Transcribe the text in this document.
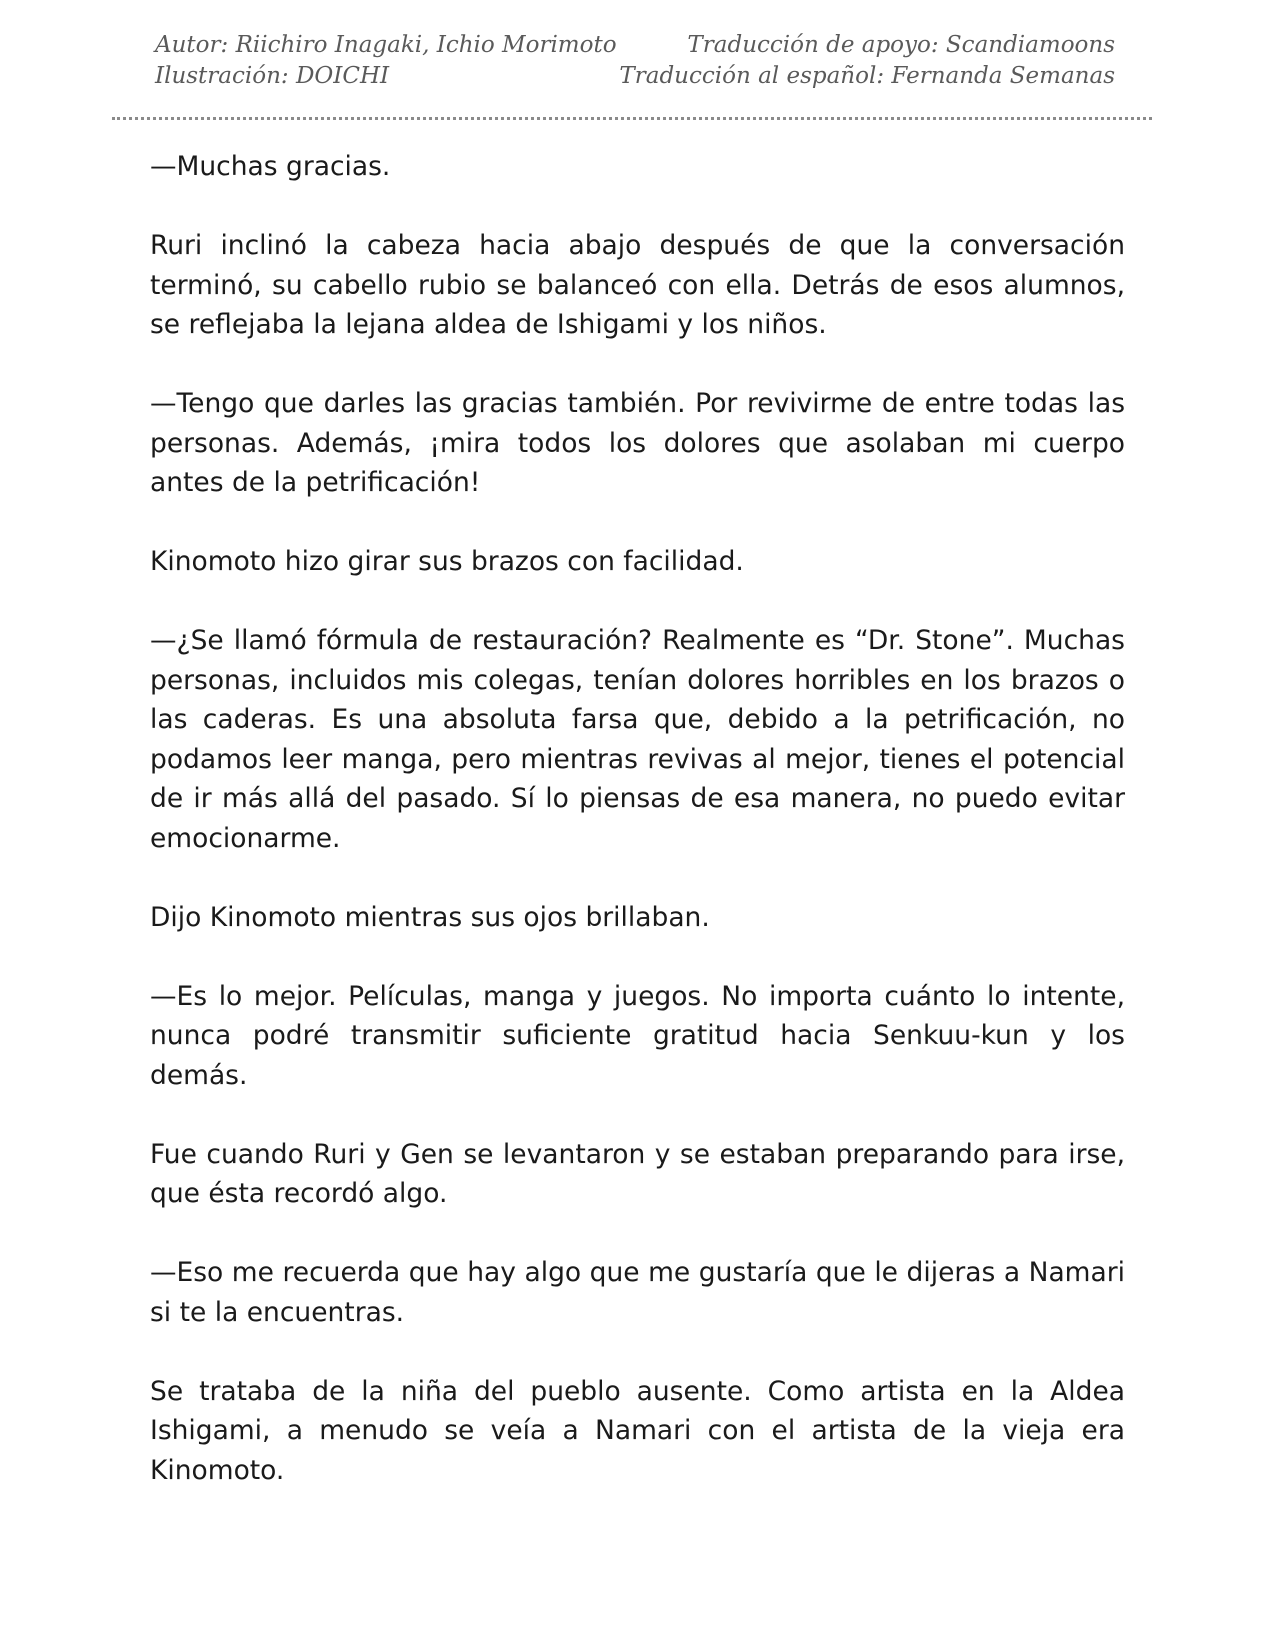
Autor: Riichiro Inagaki, Ichio Morimoto	Traducción de apoyo: Scandiamoons
Ilustración: DOICHI	Traducción al español: Fernanda Semanas

—Muchas gracias.

Ruri inclinó la cabeza hacia abajo después de que la conversación terminó, su cabello rubio se balanceó con ella. Detrás de esos alumnos, se reflejaba la lejana aldea de Ishigami y los niños.

—Tengo que darles las gracias también. Por revivirme de entre todas las personas. Además, ¡mira todos los dolores que asolaban mi cuerpo antes de la petrificación!

Kinomoto hizo girar sus brazos con facilidad.

—¿Se llamó fórmula de restauración? Realmente es “Dr. Stone”. Muchas personas, incluidos mis colegas, tenían dolores horribles en los brazos o las caderas. Es una absoluta farsa que, debido a la petrificación, no podamos leer manga, pero mientras revivas al mejor, tienes el potencial de ir más allá del pasado. Sí lo piensas de esa manera, no puedo evitar emocionarme.

Dijo Kinomoto mientras sus ojos brillaban.

—Es lo mejor. Películas, manga y juegos. No importa cuánto lo intente, nunca podré transmitir suficiente gratitud hacia Senkuu-kun y los demás.

Fue cuando Ruri y Gen se levantaron y se estaban preparando para irse, que ésta recordó algo.

—Eso me recuerda que hay algo que me gustaría que le dijeras a Namari si te la encuentras.

Se trataba de la niña del pueblo ausente. Como artista en la Aldea Ishigami, a menudo se veía a Namari con el artista de la vieja era Kinomoto.
